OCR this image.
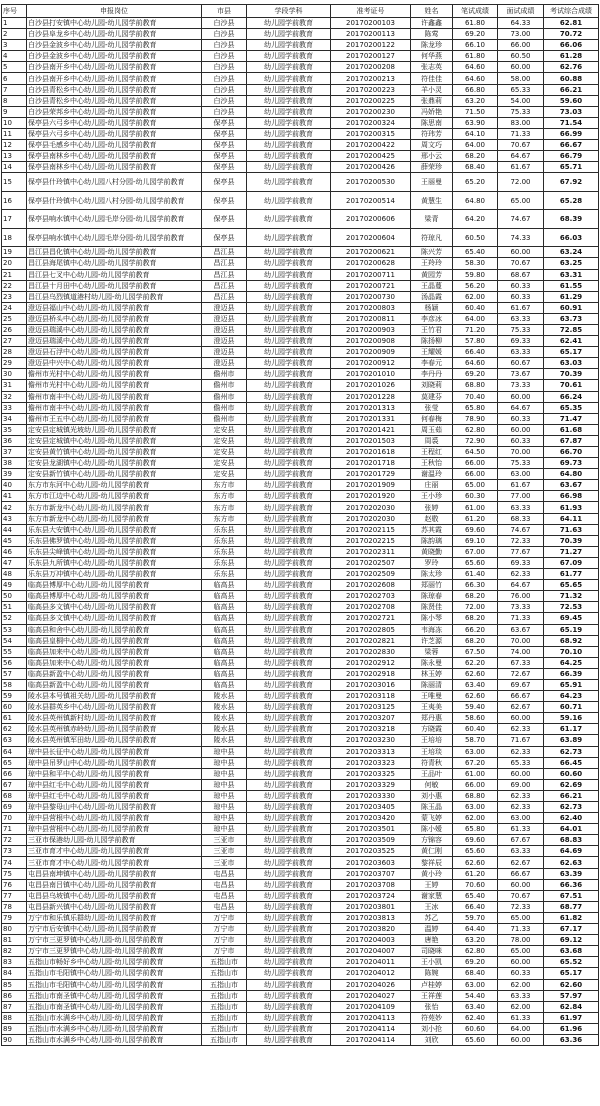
序号	申报岗位	市县	学段学科	准考证号	姓名	笔试成绩	面试成绩	考试综合成绩
1	白沙县打安镇中心幼儿园-幼儿园学前教育	白沙县	幼儿园学前教育	20170200103	许鑫鑫	61.80	64.33	62.81
2	白沙县阜龙乡中心幼儿园-幼儿园学前教育	白沙县	幼儿园学前教育	20170200113	陈莺	69.20	73.00	70.72
3	白沙县金波乡中心幼儿园-幼儿园学前教育	白沙县	幼儿园学前教育	20170200122	陈龙珍	66.10	66.00	66.06
4	白沙县金波乡中心幼儿园-幼儿园学前教育	白沙县	幼儿园学前教育	20170200127	何华燕	61.80	60.50	61.28
5	白沙县南开乡中心幼儿园-幼儿园学前教育	白沙县	幼儿园学前教育	20170200208	张志英	64.60	60.00	62.76
6	白沙县南开乡中心幼儿园-幼儿园学前教育	白沙县	幼儿园学前教育	20170200213	符佳佳	64.60	58.00	60.88
7	白沙县青松乡中心幼儿园-幼儿园学前教育	白沙县	幼儿园学前教育	20170200223	羊小灵	66.80	65.33	66.21
8	白沙县青松乡中心幼儿园-幼儿园学前教育	白沙县	幼儿园学前教育	20170200225	张鼎莉	63.20	54.00	59.60
9	白沙县荣邦乡中心幼儿园-幼儿园学前教育	白沙县	幼儿园学前教育	20170200230	冯娇艳	71.50	75.33	73.03
10	保亭县六弓乡中心幼儿园-幼儿园学前教育	保亭县	幼儿园学前教育	20170200324	陈思南	63.90	83.00	71.54
11	保亭县六弓乡中心幼儿园-幼儿园学前教育	保亭县	幼儿园学前教育	20170200315	符玮芳	64.10	71.33	66.99
12	保亭县毛感乡中心幼儿园-幼儿园学前教育	保亭县	幼儿园学前教育	20170200422	周文巧	64.00	70.67	66.67
13	保亭县南林乡中心幼儿园-幼儿园学前教育	保亭县	幼儿园学前教育	20170200425	邢小云	68.20	64.67	66.79
14	保亭县南林乡中心幼儿园-幼儿园学前教育	保亭县	幼儿园学前教育	20170200426	薛荣珍	68.40	61.67	65.71
15	保亭县什玲镇中心幼儿园八村分园-幼儿园学前教育	保亭县	幼儿园学前教育	20170200530	王丽曼	65.20	72.00	67.92
16	保亭县什玲镇中心幼儿园八村分园-幼儿园学前教育	保亭县	幼儿园学前教育	20170200514	黄慧生	64.80	65.00	65.28
17	保亭县响水镇中心幼儿园毛岸分园-幼儿园学前教育	保亭县	幼儿园学前教育	20170200606	梁青	64.20	74.67	68.39
18	保亭县响水镇中心幼儿园毛岸分园-幼儿园学前教育	保亭县	幼儿园学前教育	20170200604	符琼凡	60.50	74.33	66.03
19	昌江县昌化镇中心幼儿园-幼儿园学前教育	昌江县	幼儿园学前教育	20170200621	陈兴芳	65.40	60.00	63.24
20	昌江县海尾镇中心幼儿园-幼儿园学前教育	昌江县	幼儿园学前教育	20170200628	王羚玲	58.30	70.67	63.25
21	昌江县七叉中心幼儿园-幼儿园学前教育	昌江县	幼儿园学前教育	20170200711	黄园芳	59.80	68.67	63.31
22	昌江县十月田中心幼儿园-幼儿园学前教育	昌江县	幼儿园学前教育	20170200721	王晶蔓	56.20	60.33	61.55
23	昌江县乌烈镇道港村幼儿园-幼儿园学前教育	昌江县	幼儿园学前教育	20170200730	汤晶霞	62.00	60.33	61.29
24	澄迈县福山中心幼儿园-幼儿园学前教育	澄迈县	幼儿园学前教育	20170200803	杨颖	60.40	61.67	60.91
25	澄迈县桥头中心幼儿园-幼儿园学前教育	澄迈县	幼儿园学前教育	20170200811	李彦冰	64.00	63.33	63.73
26	澄迈县瑞溪中心幼儿园-幼儿园学前教育	澄迈县	幼儿园学前教育	20170200903	王竹君	71.20	75.33	72.85
27	澄迈县瑞溪中心幼儿园-幼儿园学前教育	澄迈县	幼儿园学前教育	20170200908	陈扬柳	57.80	69.33	62.41
28	澄迈县石浮中心幼儿园-幼儿园学前教育	澄迈县	幼儿园学前教育	20170200909	王耀媛	66.40	63.33	65.17
29	澄迈县中兴中心幼儿园-幼儿园学前教育	澄迈县	幼儿园学前教育	20170200912	李春元	64.60	60.67	63.03
30	儋州市光村中心幼儿园-幼儿园学前教育	儋州市	幼儿园学前教育	20170201010	李丹丹	69.20	73.67	70.39
31	儋州市光村中心幼儿园-幼儿园学前教育	儋州市	幼儿园学前教育	20170201026	刘晓莉	68.80	73.33	70.61
32	儋州市南丰中心幼儿园-幼儿园学前教育	儋州市	幼儿园学前教育	20170201228	莫建芬	70.40	60.00	66.24
33	儋州市南丰中心幼儿园-幼儿园学前教育	儋州市	幼儿园学前教育	20170201313	张莹	65.80	64.67	65.35
34	儋州市王五中心幼儿园-幼儿园学前教育	儋州市	幼儿园学前教育	20170201331	何春梅	78.90	60.33	71.47
35	定安县定城镇光坡幼儿园-幼儿园学前教育	定安县	幼儿园学前教育	20170201421	周玉茹	62.80	60.00	61.68
36	定安县定城镇中心幼儿园-幼儿园学前教育	定安县	幼儿园学前教育	20170201503	周裘	72.90	60.33	67.87
37	定安县黄竹镇中心幼儿园-幼儿园学前教育	定安县	幼儿园学前教育	20170201618	王程红	64.50	70.00	66.70
38	定安县龙湖镇中心幼儿园-幼儿园学前教育	定安县	幼儿园学前教育	20170201718	王秋怡	66.00	75.33	69.73
39	定安县新竹镇中心幼儿园-幼儿园学前教育	定安县	幼儿园学前教育	20170201729	谢温玲	66.00	63.00	64.80
40	东方市东河中心幼儿园-幼儿园学前教育	东方市	幼儿园学前教育	20170201909	庄丽	65.00	61.67	63.67
41	东方市江边中心幼儿园-幼儿园学前教育	东方市	幼儿园学前教育	20170201920	王小珍	60.30	77.00	66.98
42	东方市新龙中心幼儿园-幼儿园学前教育	东方市	幼儿园学前教育	20170202030	张婷	61.00	63.33	61.93
43	东方市新龙中心幼儿园-幼儿园学前教育	东方市	幼儿园学前教育	20170202030	赵敬	61.20	68.33	64.11
44	乐东县大安镇中心幼儿园-幼儿园学前教育	乐东县	幼儿园学前教育	20170202115	苏其霞	69.60	74.67	71.63
45	乐东县佛罗镇中心幼儿园-幼儿园学前教育	乐东县	幼儿园学前教育	20170202215	陈韵璃	69.10	72.33	70.39
46	乐东县尖峰镇中心幼儿园-幼儿园学前教育	乐东县	幼儿园学前教育	20170202311	黄晓勤	67.00	77.67	71.27
47	乐东县九所镇中心幼儿园-幼儿园学前教育	乐东县	幼儿园学前教育	20170202507	罗玲	65.60	69.33	67.09
48	乐东县万冲镇中心幼儿园-幼儿园学前教育	乐东县	幼儿园学前教育	20170202509	陈太珍	61.40	62.33	61.77
49	临高县博厚中心幼儿园-幼儿园学前教育	临高县	幼儿园学前教育	20170202608	郑丽竹	66.30	64.67	65.65
50	临高县博厚中心幼儿园-幼儿园学前教育	临高县	幼儿园学前教育	20170202703	陈琼春	68.20	76.00	71.32
51	临高县多文镇中心幼儿园-幼儿园学前教育	临高县	幼儿园学前教育	20170202708	陈贤佳	72.00	73.33	72.53
52	临高县多文镇中心幼儿园-幼儿园学前教育	临高县	幼儿园学前教育	20170202721	陈小琴	68.20	71.33	69.45
53	临高县和舍中心幼儿园-幼儿园学前教育	临高县	幼儿园学前教育	20170202805	韦海冻	66.20	63.67	65.19
54	临高县皇桐中心幼儿园-幼儿园学前教育	临高县	幼儿园学前教育	20170202821	许芝源	68.20	70.00	68.92
55	临高县加来中心幼儿园-幼儿园学前教育	临高县	幼儿园学前教育	20170202830	梁蓉	67.50	74.00	70.10
56	临高县加来中心幼儿园-幼儿园学前教育	临高县	幼儿园学前教育	20170202912	陈永曼	62.20	67.33	64.25
57	临高县新盈中心幼儿园-幼儿园学前教育	临高县	幼儿园学前教育	20170202918	林玉婷	62.60	72.67	66.39
58	临高县新盈中心幼儿园-幼儿园学前教育	临高县	幼儿园学前教育	20170203016	陈丽清	63.40	69.67	65.91
59	陵水县本号镇祖关幼儿园-幼儿园学前教育	陵水县	幼儿园学前教育	20170203118	王唯曼	62.60	66.67	64.23
60	陵水县群英乡中心幼儿园-幼儿园学前教育	陵水县	幼儿园学前教育	20170203125	王夷美	59.40	62.67	60.71
61	陵水县英州镇新村幼儿园-幼儿园学前教育	陵水县	幼儿园学前教育	20170203207	郑丹惠	58.60	60.00	59.16
62	陵水县英州镇赤岭幼儿园-幼儿园学前教育	陵水县	幼儿园学前教育	20170203218	方晓霞	60.40	62.33	61.17
63	陵水县英州镇军田幼儿园-幼儿园学前教育	陵水县	幼儿园学前教育	20170203230	王培培	58.70	71.67	63.89
64	琼中县长征中心幼儿园-幼儿园学前教育	琼中县	幼儿园学前教育	20170203313	王培琰	63.00	62.33	62.73
65	琼中县吊罗山中心幼儿园-幼儿园学前教育	琼中县	幼儿园学前教育	20170203323	符青秋	67.20	65.33	66.45
66	琼中县和平中心幼儿园-幼儿园学前教育	琼中县	幼儿园学前教育	20170203325	王品叶	61.00	60.00	60.60
67	琼中县红毛中心幼儿园-幼儿园学前教育	琼中县	幼儿园学前教育	20170203329	何敏	66.00	69.00	62.69
68	琼中县红毛中心幼儿园-幼儿园学前教育	琼中县	幼儿园学前教育	20170203330	刘小惠	68.80	62.33	66.21
69	琼中县黎母山中心幼儿园-幼儿园学前教育	琼中县	幼儿园学前教育	20170203405	陈玉晶	63.00	62.33	62.73
70	琼中县营根中心幼儿园-幼儿园学前教育	琼中县	幼儿园学前教育	20170203420	蒙飞婷	62.00	63.00	62.40
71	琼中县营根中心幼儿园-幼儿园学前教育	琼中县	幼儿园学前教育	20170203501	陈小嫒	65.80	61.33	64.01
72	三亚市保港幼儿园-幼儿园学前教育	三亚市	幼儿园学前教育	20170203509	方锦容	69.60	67.67	68.83
73	三亚市育才中心幼儿园-幼儿园学前教育	三亚市	幼儿园学前教育	20170203525	黄仁刚	65.60	63.33	64.69
74	三亚市育才中心幼儿园-幼儿园学前教育	三亚市	幼儿园学前教育	20170203603	黎祥辰	62.60	62.67	62.63
75	屯昌县南坤镇中心幼儿园-幼儿园学前教育	屯昌县	幼儿园学前教育	20170203707	黄小玲	61.20	66.67	63.39
76	屯昌县南吕镇中心幼儿园-幼儿园学前教育	屯昌县	幼儿园学前教育	20170203708	王婷	70.60	60.00	66.36
77	屯昌县乌坡镇中心幼儿园-幼儿园学前教育	屯昌县	幼儿园学前教育	20170203724	谢家慧	65.40	70.67	67.51
78	屯昌县新兴镇中心幼儿园-幼儿园学前教育	屯昌县	幼儿园学前教育	20170203801	王冰	66.40	72.33	68.77
79	万宁市和乐镇乐群幼儿园-幼儿园学前教育	万宁市	幼儿园学前教育	20170203813	苏乙	59.70	65.00	61.82
80	万宁市后安镇中心幼儿园-幼儿园学前教育	万宁市	幼儿园学前教育	20170203820	温婷	64.40	71.33	67.17
81	万宁市三更罗镇中心幼儿园-幼儿园学前教育	万宁市	幼儿园学前教育	20170204003	唐艳	63.20	78.00	69.12
82	万宁市三更罗镇中心幼儿园-幼儿园学前教育	万宁市	幼儿园学前教育	20170204007	司晓咪	62.80	65.00	63.68
83	五指山市畅好乡中心幼儿园-幼儿园学前教育	五指山市	幼儿园学前教育	20170204011	王小凯	69.20	60.00	65.52
84	五指山市毛阳镇中心幼儿园-幼儿园学前教育	五指山市	幼儿园学前教育	20170204012	陈婉	68.40	60.33	65.17
85	五指山市毛阳镇中心幼儿园-幼儿园学前教育	五指山市	幼儿园学前教育	20170204026	卢桂婷	63.00	62.00	62.60
86	五指山市南圣镇中心幼儿园-幼儿园学前教育	五指山市	幼儿园学前教育	20170204027	王祥莲	54.40	63.33	57.97
87	五指山市南圣镇中心幼儿园-幼儿园学前教育	五指山市	幼儿园学前教育	20170204109	张怡	63.40	62.00	62.84
88	五指山市水满乡中心幼儿园-幼儿园学前教育	五指山市	幼儿园学前教育	20170204113	符苑妙	62.40	61.33	61.97
89	五指山市水满乡中心幼儿园-幼儿园学前教育	五指山市	幼儿园学前教育	20170204114	刘小抢	60.60	64.00	61.96
90	五指山市水满乡中心幼儿园-幼儿园学前教育	五指山市	幼儿园学前教育	20170204114	刘欣	65.60	60.00	63.36
